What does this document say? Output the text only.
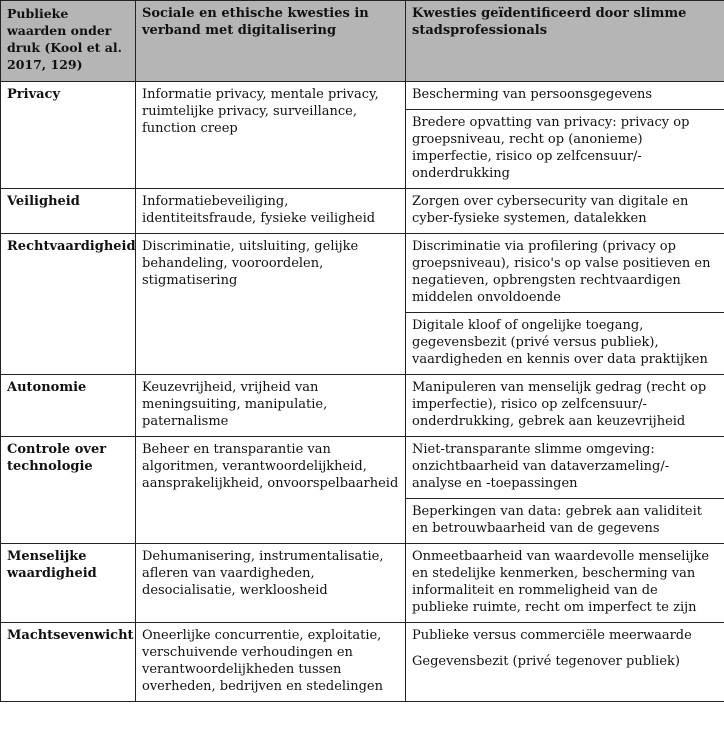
Publieke waarden onder druk (Kool et al. 2017, 129)	Sociale en ethische kwesties in verband met digitalisering	Kwesties geïdentificeerd door slimme stadsprofessionals
Privacy	Informatie privacy, mentale privacy, ruimtelijke privacy, surveillance, function creep	Bescherming van persoonsgegevens
Bredere opvatting van privacy: privacy op groepsniveau, recht op (anonieme) imperfectie, risico op zelfcensuur/-onderdrukking

Veiligheid	Informatiebeveiliging, identiteitsfraude, fysieke veiligheid	Zorgen over cybersecurity van digitale en cyber-fysieke systemen, datalekken

Rechtvaardigheid	Discriminatie, uitsluiting, gelijke behandeling, vooroordelen, stigmatisering	Discriminatie via profilering (privacy op groepsniveau), risico's op valse positieven en negatieven, opbrengsten rechtvaardigen middelen onvoldoende
Digitale kloof of ongelijke toegang, gegevensbezit (privé versus publiek), vaardigheden en kennis over data praktijken

Autonomie	Keuzevrijheid, vrijheid van meningsuiting, manipulatie, paternalisme	Manipuleren van menselijk gedrag (recht op imperfectie), risico op zelfcensuur/-onderdrukking, gebrek aan keuzevrijheid

Controle over technologie	Beheer en transparantie van algoritmen, verantwoordelijkheid, aansprakelijkheid, onvoorspelbaarheid	Niet-transparante slimme omgeving: onzichtbaarheid van dataverzameling/-analyse en -toepassingen
Beperkingen van data: gebrek aan validiteit en betrouwbaarheid van de gegevens

Menselijke waardigheid	Dehumanisering, instrumentalisatie, afleren van vaardigheden, desocialisatie, werkloosheid	Onmeetbaarheid van waardevolle menselijke en stedelijke kenmerken, bescherming van informaliteit en rommeligheid van de publieke ruimte, recht om imperfect te zijn

Machtsevenwicht	Oneerlijke concurrentie, exploitatie, verschuivende verhoudingen en verantwoordelijkheden tussen overheden, bedrijven en stedelingen	Publieke versus commerciële meerwaarde

Gegevensbezit (privé tegenover publiek)
